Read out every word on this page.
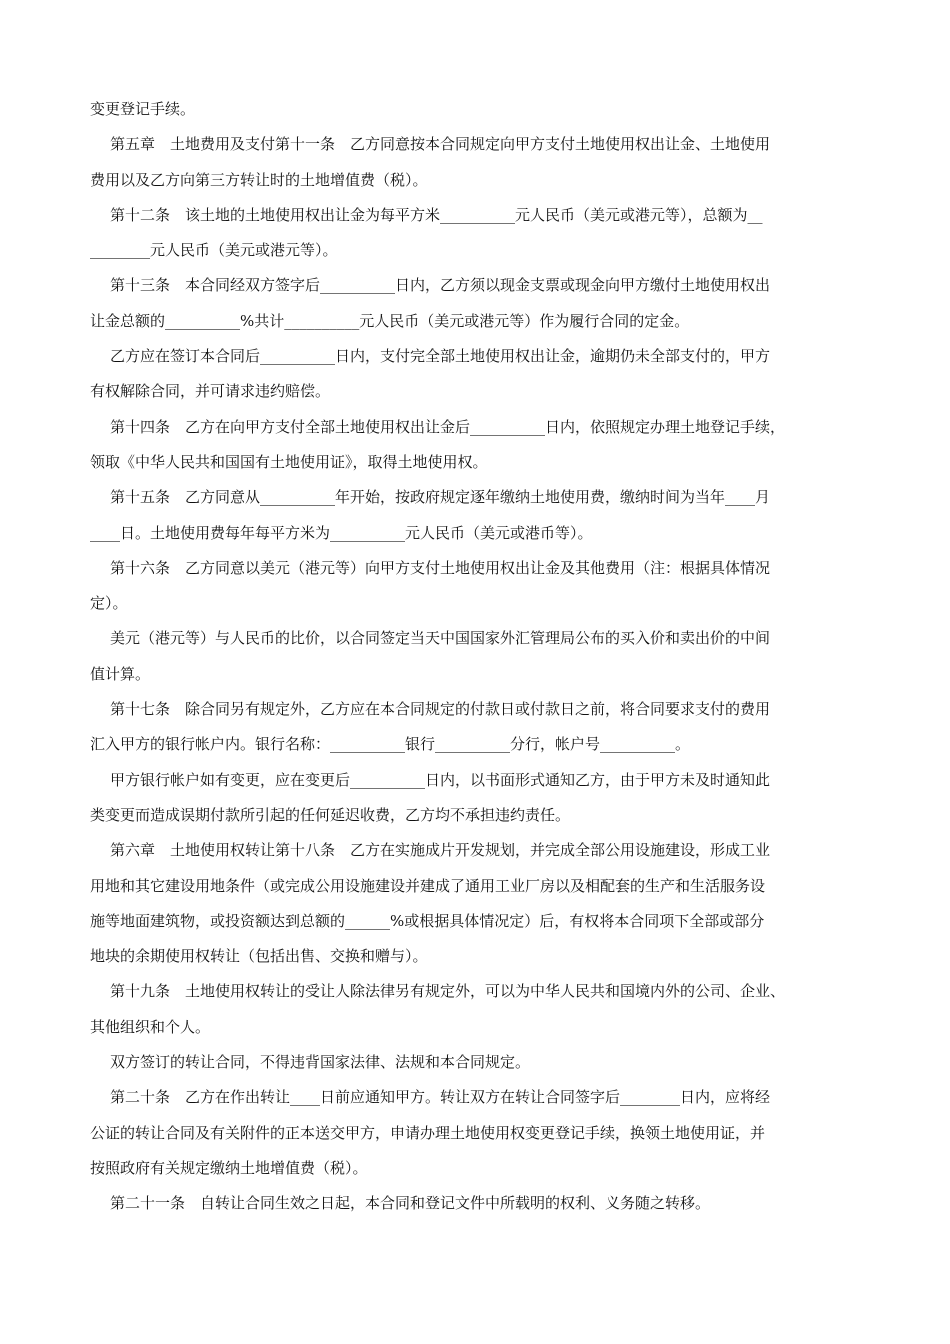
变更登记手续。
第五章　土地费用及支付第十一条　乙方同意按本合同规定向甲方支付土地使用权出让金、土地使用
费用以及乙方向第三方转让时的土地增值费（税）。
第十二条　该土地的土地使用权出让金为每平方米__________元人民币（美元或港元等），总额为__
________元人民币（美元或港元等）。
第十三条　本合同经双方签字后__________日内，乙方须以现金支票或现金向甲方缴付土地使用权出
让金总额的__________%共计__________元人民币（美元或港元等）作为履行合同的定金。
乙方应在签订本合同后__________日内，支付完全部土地使用权出让金，逾期仍未全部支付的，甲方
有权解除合同，并可请求违约赔偿。
第十四条　乙方在向甲方支付全部土地使用权出让金后__________日内，依照规定办理土地登记手续，
领取《中华人民共和国国有土地使用证》，取得土地使用权。
第十五条　乙方同意从__________年开始，按政府规定逐年缴纳土地使用费，缴纳时间为当年____月
____日。土地使用费每年每平方米为__________元人民币（美元或港币等）。
第十六条　乙方同意以美元（港元等）向甲方支付土地使用权出让金及其他费用（注：根据具体情况
定）。
美元（港元等）与人民币的比价，以合同签定当天中国国家外汇管理局公布的买入价和卖出价的中间
值计算。
第十七条　除合同另有规定外，乙方应在本合同规定的付款日或付款日之前，将合同要求支付的费用
汇入甲方的银行帐户内。银行名称：__________银行__________分行，帐户号__________。
甲方银行帐户如有变更，应在变更后__________日内，以书面形式通知乙方，由于甲方未及时通知此
类变更而造成误期付款所引起的任何延迟收费，乙方均不承担违约责任。
第六章　土地使用权转让第十八条　乙方在实施成片开发规划，并完成全部公用设施建设，形成工业
用地和其它建设用地条件（或完成公用设施建设并建成了通用工业厂房以及相配套的生产和生活服务设
施等地面建筑物，或投资额达到总额的______%或根据具体情况定）后，有权将本合同项下全部或部分
地块的余期使用权转让（包括出售、交换和赠与）。
第十九条　土地使用权转让的受让人除法律另有规定外，可以为中华人民共和国境内外的公司、企业、
其他组织和个人。
双方签订的转让合同，不得违背国家法律、法规和本合同规定。
第二十条　乙方在作出转让____日前应通知甲方。转让双方在转让合同签字后________日内，应将经
公证的转让合同及有关附件的正本送交甲方，申请办理土地使用权变更登记手续，换领土地使用证，并
按照政府有关规定缴纳土地增值费（税）。
第二十一条　自转让合同生效之日起，本合同和登记文件中所载明的权利、义务随之转移。
